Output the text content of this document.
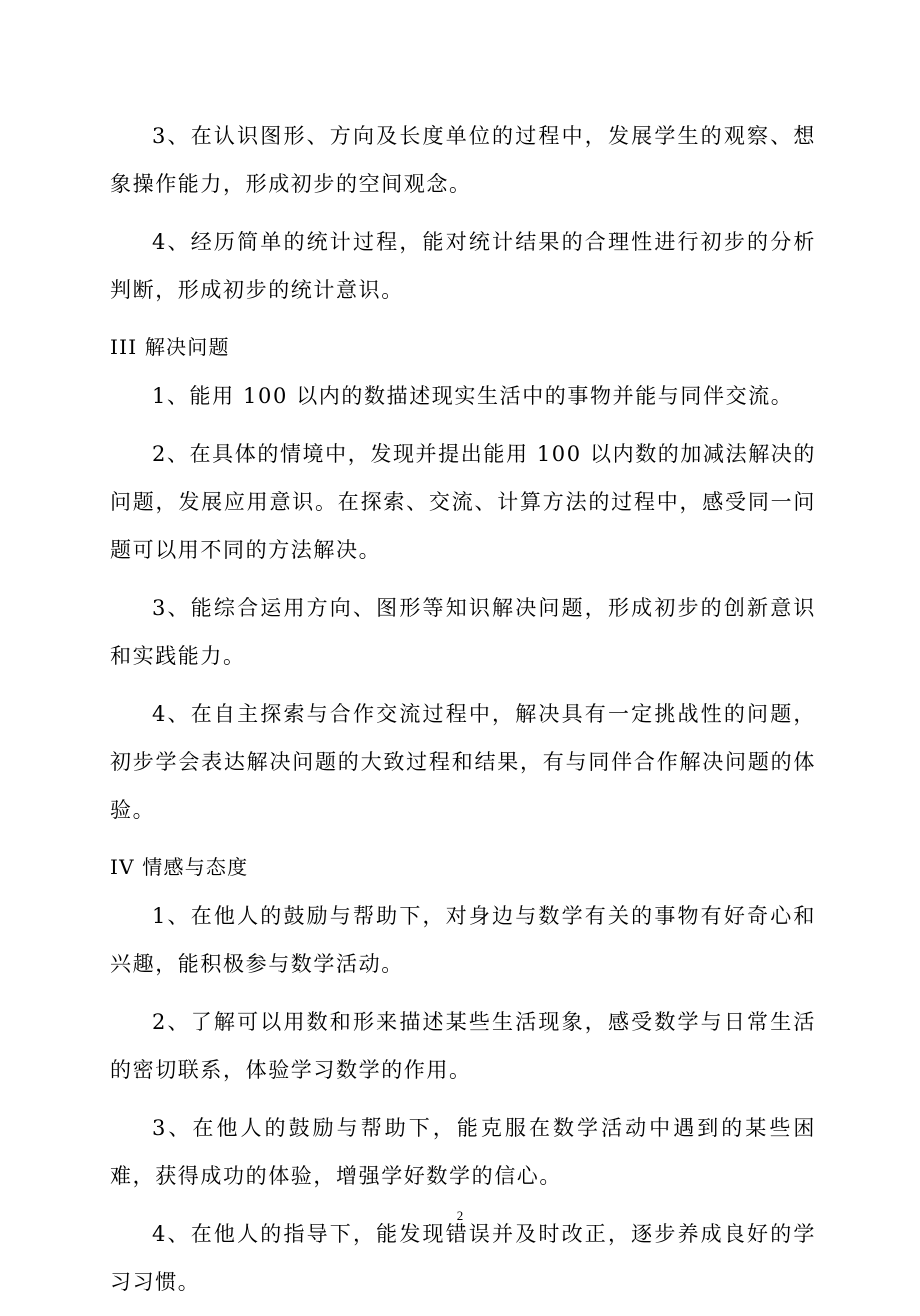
3、在认识图形、方向及长度单位的过程中，发展学生的观察、想象操作能力，形成初步的空间观念。

4、经历简单的统计过程，能对统计结果的合理性进行初步的分析判断，形成初步的统计意识。

III 解决问题

1、能用 100 以内的数描述现实生活中的事物并能与同伴交流。

2、在具体的情境中，发现并提出能用 100 以内数的加减法解决的问题，发展应用意识。在探索、交流、计算方法的过程中，感受同一问题可以用不同的方法解决。

3、能综合运用方向、图形等知识解决问题，形成初步的创新意识和实践能力。

4、在自主探索与合作交流过程中，解决具有一定挑战性的问题，初步学会表达解决问题的大致过程和结果，有与同伴合作解决问题的体验。

IV 情感与态度

1、在他人的鼓励与帮助下，对身边与数学有关的事物有好奇心和兴趣，能积极参与数学活动。

2、了解可以用数和形来描述某些生活现象，感受数学与日常生活的密切联系，体验学习数学的作用。

3、在他人的鼓励与帮助下，能克服在数学活动中遇到的某些困难，获得成功的体验，增强学好数学的信心。

4、在他人的指导下，能发现错误并及时改正，逐步养成良好的学习习惯。

2
